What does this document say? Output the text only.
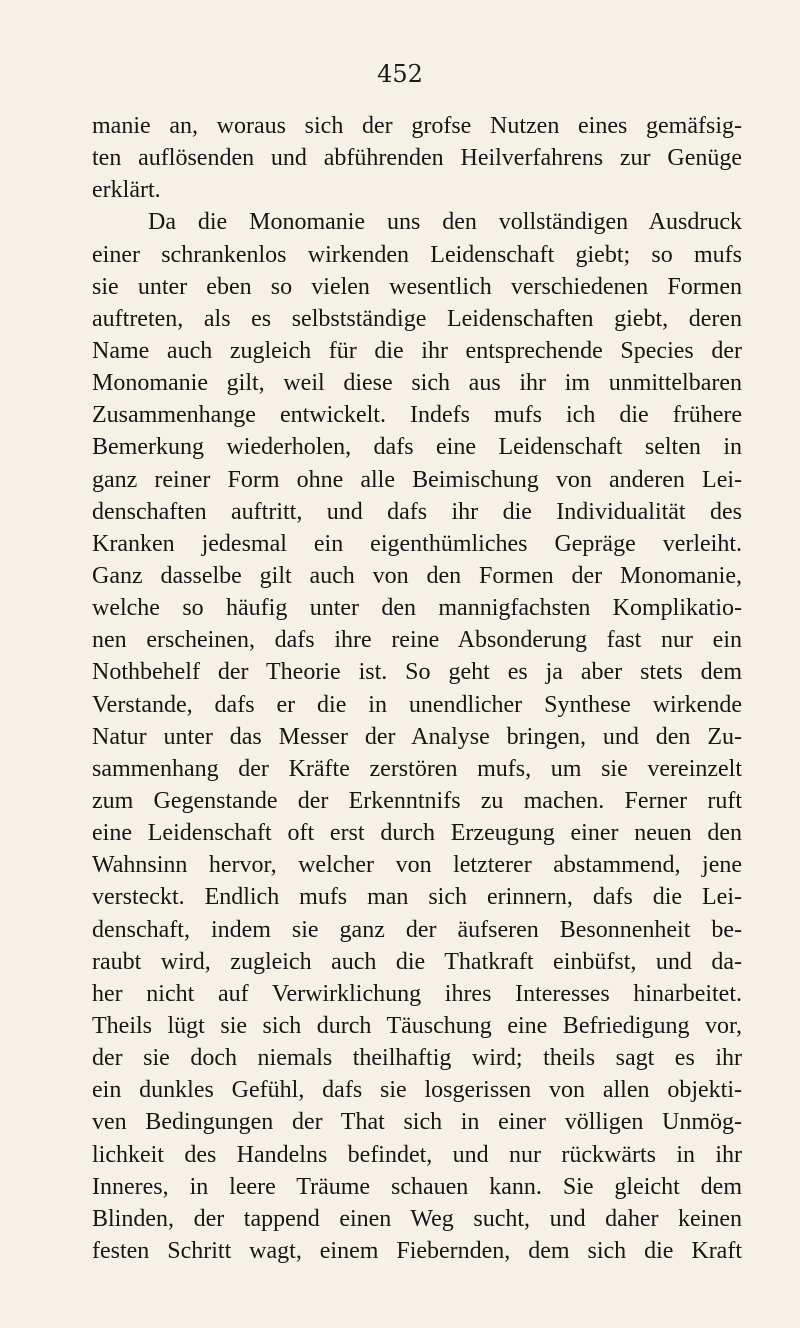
452
manie an, woraus sich der grofse Nutzen eines gemäfsig-
ten auflösenden und abführenden Heilverfahrens zur Genüge
erklärt.
Da die Monomanie uns den vollständigen Ausdruck
einer schrankenlos wirkenden Leidenschaft giebt; so mufs
sie unter eben so vielen wesentlich verschiedenen Formen
auftreten, als es selbstständige Leidenschaften giebt, deren
Name auch zugleich für die ihr entsprechende Species der
Monomanie gilt, weil diese sich aus ihr im unmittelbaren
Zusammenhange entwickelt. Indefs mufs ich die frühere
Bemerkung wiederholen, dafs eine Leidenschaft selten in
ganz reiner Form ohne alle Beimischung von anderen Lei-
denschaften auftritt, und dafs ihr die Individualität des
Kranken jedesmal ein eigenthümliches Gepräge verleiht.
Ganz dasselbe gilt auch von den Formen der Monomanie,
welche so häufig unter den mannigfachsten Komplikatio-
nen erscheinen, dafs ihre reine Absonderung fast nur ein
Nothbehelf der Theorie ist. So geht es ja aber stets dem
Verstande, dafs er die in unendlicher Synthese wirkende
Natur unter das Messer der Analyse bringen, und den Zu-
sammenhang der Kräfte zerstören mufs, um sie vereinzelt
zum Gegenstande der Erkenntnifs zu machen. Ferner ruft
eine Leidenschaft oft erst durch Erzeugung einer neuen den
Wahnsinn hervor, welcher von letzterer abstammend, jene
versteckt. Endlich mufs man sich erinnern, dafs die Lei-
denschaft, indem sie ganz der äufseren Besonnenheit be-
raubt wird, zugleich auch die Thatkraft einbüfst, und da-
her nicht auf Verwirklichung ihres Interesses hinarbeitet.
Theils lügt sie sich durch Täuschung eine Befriedigung vor,
der sie doch niemals theilhaftig wird; theils sagt es ihr
ein dunkles Gefühl, dafs sie losgerissen von allen objekti-
ven Bedingungen der That sich in einer völligen Unmög-
lichkeit des Handelns befindet, und nur rückwärts in ihr
Inneres, in leere Träume schauen kann. Sie gleicht dem
Blinden, der tappend einen Weg sucht, und daher keinen
festen Schritt wagt, einem Fiebernden, dem sich die Kraft
